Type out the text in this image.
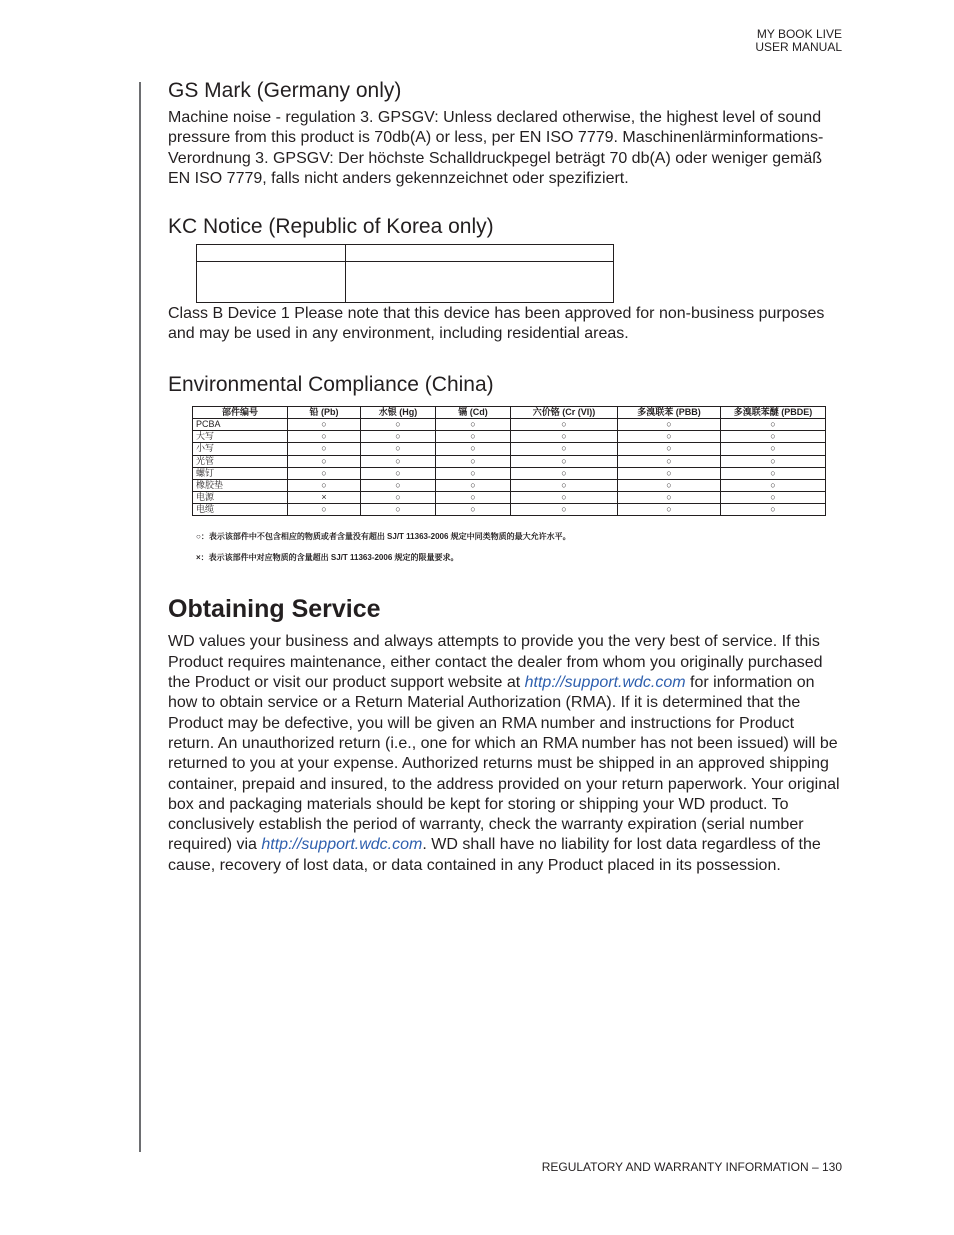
MY BOOK LIVE
USER MANUAL
GS Mark (Germany only)

Machine noise - regulation 3. GPSGV: Unless declared otherwise, the highest level of sound pressure from this product is 70db(A) or less, per EN ISO 7779. Maschinenlärminformations-Verordnung 3. GPSGV: Der höchste Schalldruckpegel beträgt 70 db(A) oder weniger gemäß EN ISO 7779, falls nicht anders gekennzeichnet oder spezifiziert.

KC Notice (Republic of Korea only)

Class B Device 1 Please note that this device has been approved for non-business purposes and may be used in any environment, including residential areas.

Environmental Compliance (China)
部件编号	铅 (Pb)	水银 (Hg)	镉 (Cd)	六价铬 (Cr (VI))	多溴联苯 (PBB)	多溴联苯醚 (PBDE)
PCBA	○	○	○	○	○	○
大写	○	○	○	○	○	○
小写	○	○	○	○	○	○
光管	○	○	○	○	○	○
螺钉	○	○	○	○	○	○
橡胶垫	○	○	○	○	○	○
电源	×	○	○	○	○	○
电缆	○	○	○	○	○	○
○：表示该部件中不包含相应的物质或者含量没有超出 SJ/T 11363-2006 规定中同类物质的最大允许水平。
×：表示该部件中对应物质的含量超出 SJ/T 11363-2006 规定的限量要求。
Obtaining Service

WD values your business and always attempts to provide you the very best of service. If this Product requires maintenance, either contact the dealer from whom you originally purchased the Product or visit our product support website at http://support.wdc.com for information on how to obtain service or a Return Material Authorization (RMA). If it is determined that the Product may be defective, you will be given an RMA number and instructions for Product return. An unauthorized return (i.e., one for which an RMA number has not been issued) will be returned to you at your expense. Authorized returns must be shipped in an approved shipping container, prepaid and insured, to the address provided on your return paperwork. Your original box and packaging materials should be kept for storing or shipping your WD product. To conclusively establish the period of warranty, check the warranty expiration (serial number required) via http://support.wdc.com. WD shall have no liability for lost data regardless of the cause, recovery of lost data, or data contained in any Product placed in its possession.

REGULATORY AND WARRANTY INFORMATION – 130
